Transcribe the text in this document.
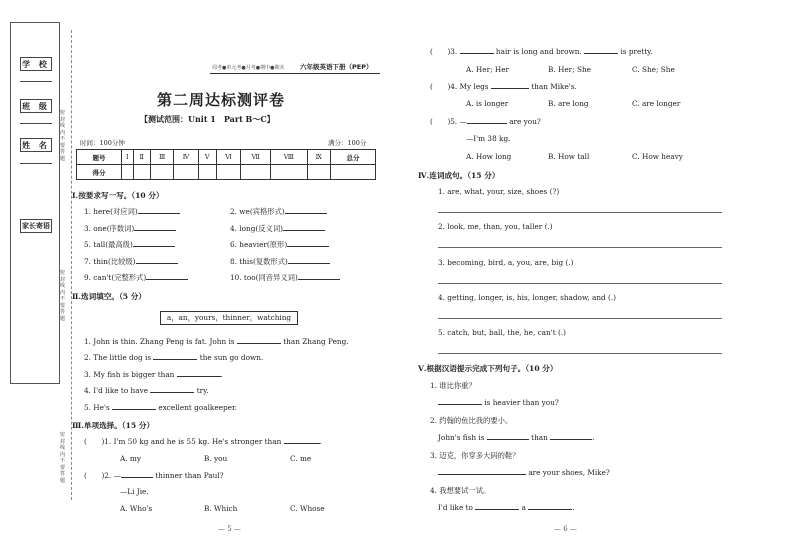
学 校
班 级
姓 名
家长寄语
密封线内不要答题
密封线内不要答题
密封线内不要答题
周考●单元考●月考●期中●期末 六年级英语下册（PEP）
第二周达标测评卷
【测试范围：Unit 1　Part B～C】
时间：100分钟	满分：100分
题号	Ⅰ	Ⅱ	Ⅲ	Ⅳ	Ⅴ	Ⅵ	Ⅶ	Ⅷ	Ⅸ	总分
得分										
Ⅰ.按要求写一写。（10 分）
1. here(对应词)	2. we(宾格形式)
3. one(序数词)	4. long(反义词)
5. tall(最高级)	6. heavier(原形)
7. thin(比较级)	8. this(复数形式)
9. can't(完整形式)	10. too(同音异义词)
Ⅱ.选词填空。（5 分）
a，an，yours，thinner，watching
1. John is thin. Zhang Peng is fat. John is	than Zhang Peng.
2. The little dog is	the sun go down.
3. My fish is bigger than	.
4. I'd like to have	try.
5. He's	excellent goalkeeper.
Ⅲ.单项选择。（15 分）
(　　)1. I'm 50 kg and he is 55 kg. He's stronger than	.
A. my	B. you	C. me
(　　)2. —	thinner than Paul?
—Li Jie.
A. Who's	B. Which	C. Whose
— 5 —
(　　)3.	hair is long and brown.	is pretty.
A. Her; Her	B. Her; She	C. She; She
(　　)4. My legs	than Mike's.
A. is longer	B. are long	C. are longer
(　　)5. —	are you?
—I'm 38 kg.
A. How long	B. How tall	C. How heavy
Ⅳ.连词成句。（15 分）
1. are, what, your, size, shoes (?)
2. look, me, than, you, taller (.)
3. becoming, bird, a, you, are, big (.)
4. getting, longer, is, his, longer, shadow, and (.)
5. catch, but, ball, the, he, can't (.)
Ⅴ.根据汉语提示完成下列句子。（10 分）
1. 谁比你重？
is heavier than you?
2. 约翰的鱼比我的要小。
John's fish is	than	.
3. 迈克，你穿多大码的鞋？
are your shoes, Mike?
4. 我想要试一试。
I'd like to	a	.
— 6 —
